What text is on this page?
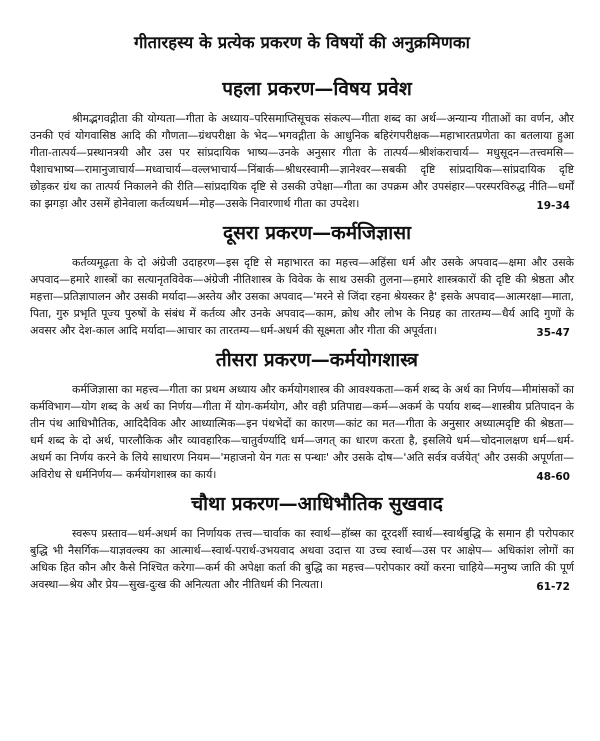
गीतारहस्य के प्रत्येक प्रकरण के विषयों की अनुक्रमिणका
पहला प्रकरण—विषय प्रवेश

श्रीमद्भगवद्गीता की योग्यता—गीता के अध्याय–परिसमाप्तिसूचक संकल्प—गीता शब्द का अर्थ—अन्यान्य गीताओं का वर्णन, और उनकी एवं योगवासिष्ठ आदि की गौणता—ग्रंथपरीक्षा के भेद—भगवद्गीता के आधुनिक बहिरंगपरीक्षक—महाभारतप्रणेता का बतलाया हुआ गीता-तात्पर्य—प्रस्थानत्रयी और उस पर सांप्रदायिक भाष्य—उनके अनुसार गीता के तात्पर्य—श्रीशंकराचार्य— मधुसूदन—तत्त्वमसि—पैशाचभाष्य—रामानुजाचार्य—मध्वाचार्य—वल्लभाचार्य—निंबार्क—श्रीधरस्वामी—ज्ञानेश्वर—सबकी दृष्टि सांप्रदायिक—सांप्रदायिक दृष्टि छोड़कर ग्रंथ का तात्पर्य निकालने की रीति—सांप्रदायिक दृष्टि से उसकी उपेक्षा—गीता का उपक्रम और उपसंहार—परस्परविरुद्ध नीति—धर्मों का झगड़ा और उसमें होनेवाला कर्तव्यधर्म—मोह—उसके निवारणार्थ गीता का उपदेश।	19-34
दूसरा प्रकरण—कर्मजिज्ञासा

कर्तव्यमूढ़ता के दो अंग्रेजी उदाहरण—इस दृष्टि से महाभारत का महत्त्व—अहिंसा धर्म और उसके अपवाद—क्षमा और उसके अपवाद—हमारे शास्त्रों का सत्यानृतविवेक—अंग्रेजी नीतिशास्त्र के विवेक के साथ उसकी तुलना—हमारे शास्त्रकारों की दृष्टि की श्रेष्ठता और महत्ता—प्रतिज्ञापालन और उसकी मर्यादा—अस्तेय और उसका अपवाद—'मरने से जिंदा रहना श्रेयस्कर है' इसके अपवाद—आत्मरक्षा—माता, पिता, गुरु प्रभृति पूज्य पुरुषों के संबंध में कर्तव्य और उनके अपवाद—काम, क्रोध और लोभ के निग्रह का तारतम्य—धैर्य आदि गुणों के अवसर और देश-काल आदि मर्यादा—आचार का तारतम्य—धर्म-अधर्म की सूक्ष्मता और गीता की अपूर्वता।	35-47
तीसरा प्रकरण—कर्मयोगशास्त्र

कर्मजिज्ञासा का महत्त्व—गीता का प्रथम अध्याय और कर्मयोगशास्त्र की आवश्यकता—कर्म शब्द के अर्थ का निर्णय—मीमांसकों का कर्मविभाग—योग शब्द के अर्थ का निर्णय—गीता में योग-कर्मयोग, और वही प्रतिपाद्य—कर्म—अकर्म के पर्याय शब्द—शास्त्रीय प्रतिपादन के तीन पंथ आधिभौतिक, आदिदैविक और आध्यात्मिक—इन पंथभेदों का कारण—कांट का मत—गीता के अनुसार अध्यात्मदृष्टि की श्रेष्ठता—धर्म शब्द के दो अर्थ, पारलौकिक और व्यावहारिक—चातुर्वर्ण्यादि धर्म—जगत् का धारण करता है, इसलिये धर्म—चोदनालक्षण धर्म—धर्म-अधर्म का निर्णय करने के लिये साधारण नियम—'महाजनो येन गतः स पन्थाः' और उसके दोष—'अति सर्वत्र वर्जयेत्' और उसकी अपूर्णता—अविरोध से धर्मनिर्णय— कर्मयोगशास्त्र का कार्य।	48-60
चौथा प्रकरण—आधिभौतिक सुखवाद

स्वरूप प्रस्ताव—धर्म-अधर्म का निर्णायक तत्त्व—चार्वाक का स्वार्थ—हॉब्स का दूरदर्शी स्वार्थ—स्वार्थबुद्धि के समान ही परोपकार बुद्धि भी नैसर्गिक—याज्ञवल्क्य का आत्मार्थ—स्वार्थ-परार्थ-उभयवाद अथवा उदात्त या उच्च स्वार्थ—उस पर आक्षेप— अधिकांश लोगों का अधिक हित कौन और कैसे निश्चित करेगा—कर्म की अपेक्षा कर्ता की बुद्धि का महत्त्व—परोपकार क्यों करना चाहिये—मनुष्य जाति की पूर्ण अवस्था—श्रेय और प्रेय—सुख-दुःख की अनित्यता और नीतिधर्म की नित्यता।	61-72
